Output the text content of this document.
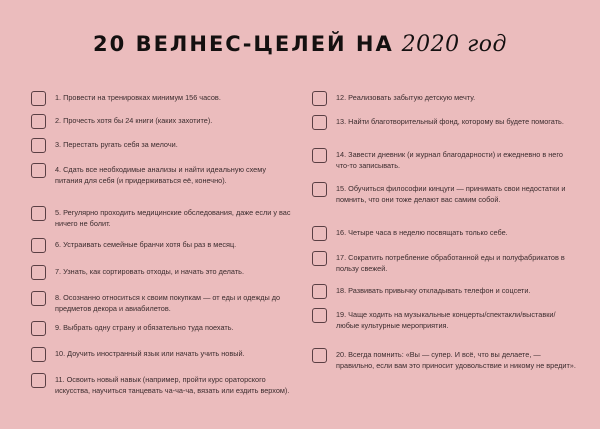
20 ВЕЛНЕС-ЦЕЛЕЙ НА 2020 год
1. Провести на тренировках минимум 156 часов.
2. Прочесть хотя бы 24 книги (каких захотите).
3. Перестать ругать себя за мелочи.
4. Сдать все необходимые анализы и найти идеальную схему питания для себя (и придерживаться её, конечно).
5. Регулярно проходить медицинские обследования, даже если у вас ничего не болит.
6. Устраивать семейные бранчи хотя бы раз в месяц.
7. Узнать, как сортировать отходы, и начать это делать.
8. Осознанно относиться к своим покупкам — от еды и одежды до предметов декора и авиабилетов.
9. Выбрать одну страну и обязательно туда поехать.
10. Доучить иностранный язык или начать учить новый.
11. Освоить новый навык (например, пройти курс ораторского искусства, научиться танцевать ча-ча-ча, вязать или ездить верхом).
12. Реализовать забытую детскую мечту.
13. Найти благотворительный фонд, которому вы будете помогать.
14. Завести дневник (и журнал благодарности) и ежедневно в него что-то записывать.
15. Обучиться философии кинцуги — принимать свои недостатки и помнить, что они тоже делают вас самим собой.
16. Четыре часа в неделю посвящать только себе.
17. Сократить потребление обработанной еды и полуфабрикатов в пользу свежей.
18. Развивать привычку откладывать телефон и соцсети.
19. Чаще ходить на музыкальные концерты/спектакли/выставки/любые культурные мероприятия.
20. Всегда помнить: «Вы — супер. И всё, что вы делаете, — правильно, если вам это приносит удовольствие и никому не вредит».
